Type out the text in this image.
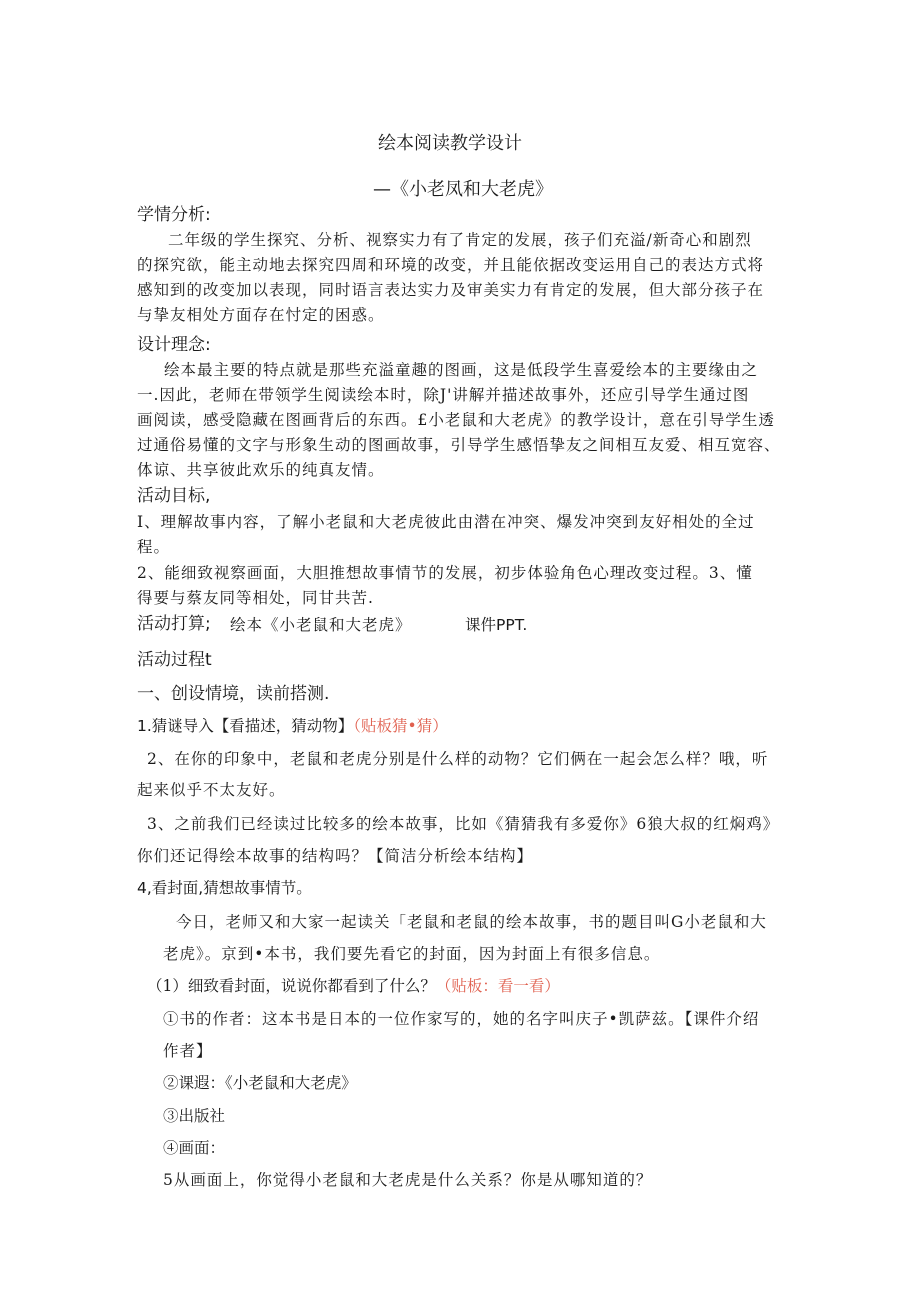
绘本阅读教学设计
—《小老凤和大老虎》
学情分析:
二年级的学生探究、分析、视察实力有了肯定的发展，孩子们充溢/新奇心和剧烈
的探究欲，能主动地去探究四周和环境的改变，并且能依据改变运用自己的表达方式将
感知到的改变加以表现，同时语言表达实力及审美实力有肯定的发展，但大部分孩子在
与挚友相处方面存在忖定的困惑。
设计理念:
绘本最主要的特点就是那些充溢童趣的图画，这是低段学生喜爱绘本的主要缘由之
一.因此，老师在带领学生阅读绘本时，除J'讲解并描述故事外，还应引导学生通过图
画阅读，感受隐藏在图画背后的东西。£小老鼠和大老虎》的教学设计，意在引导学生透
过通俗易懂的文字与形象生动的图画故事，引导学生感悟挚友之间相互友爱、相互宽容、
体谅、共享彼此欢乐的纯真友情。
活动目标,
I、理解故事内容，了解小老鼠和大老虎彼此由潜在冲突、爆发冲突到友好相处的全过
程。
2、能细致视察画面，大胆推想故事情节的发展，初步体验角色心理改变过程。3、懂
得要与蔡友同等相处，同甘共苦.
活动打算; 绘本《小老鼠和大老虎》	课件PPT.
活动过程t
一、创设情境，读前搭测.
1.猜谜导入【看描述，猜动物】（贴板猜•猜）
2、在你的印象中，老鼠和老虎分别是什么样的动物？它们俩在一起会怎么样？哦，听
起来似乎不太友好。
3、之前我们已经读过比较多的绘本故事，比如《猜猜我有多爱你》6狼大叔的红焖鸡》
你们还记得绘本故事的结构吗？【简洁分析绘本结构】
4,看封面,猜想故事情节。
今日，老师又和大家一起读关「老鼠和老鼠的绘本故事，书的题目叫G小老鼠和大
老虎》。京到•本书，我们要先看它的封面，因为封面上有很多信息。
（1）细致看封面，说说你都看到了什么？（贴板：看一看）
①书的作者：这本书是日本的一位作家写的，她的名字叫庆子•凯萨兹。【课件介绍
作者】
②课遐：《小老鼠和大老虎》
③出版社
④画面：
5从画面上，你觉得小老鼠和大老虎是什么关系？你是从哪知道的？
